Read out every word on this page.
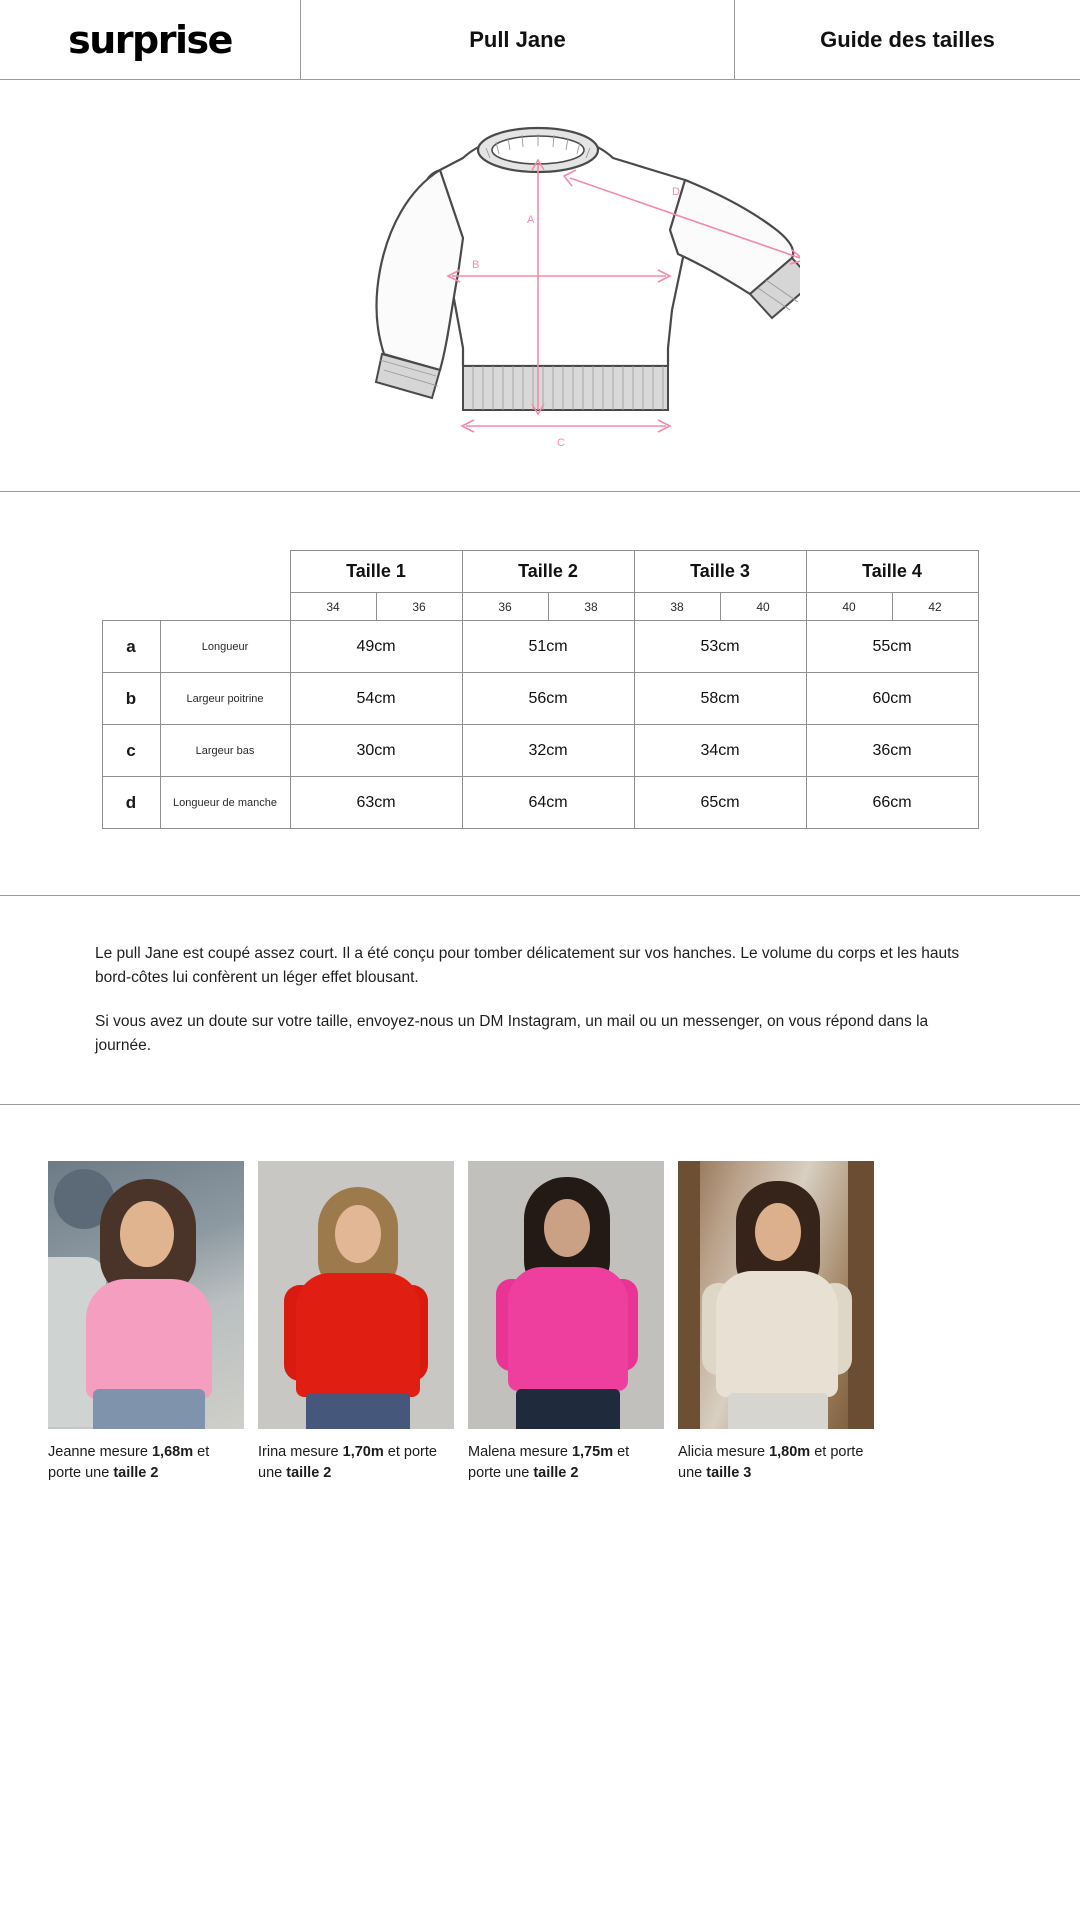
surprise	Pull Jane	Guide des tailles
A
B
C
D
		Taille 1		Taille 2		Taille 3		Taille 4	
		34	36	36	38	38	40	40	42
a	Longueur	49cm		51cm		53cm		55cm	
b	Largeur poitrine	54cm		56cm		58cm		60cm	
c	Largeur bas	30cm		32cm		34cm		36cm	
d	Longueur de manche	63cm		64cm		65cm		66cm	

Le pull Jane est coupé assez court. Il a été conçu pour tomber délicatement sur vos hanches. Le volume du corps et les hauts bord-côtes lui confèrent un léger effet blousant.

Si vous avez un doute sur votre taille, envoyez-nous un DM Instagram, un mail ou un messenger, on vous répond dans la journée.

Jeanne mesure 1,68m et porte une taille 2
Irina mesure 1,70m et porte une taille 2
Malena mesure 1,75m et porte une taille 2
Alicia mesure 1,80m et porte une taille 3
